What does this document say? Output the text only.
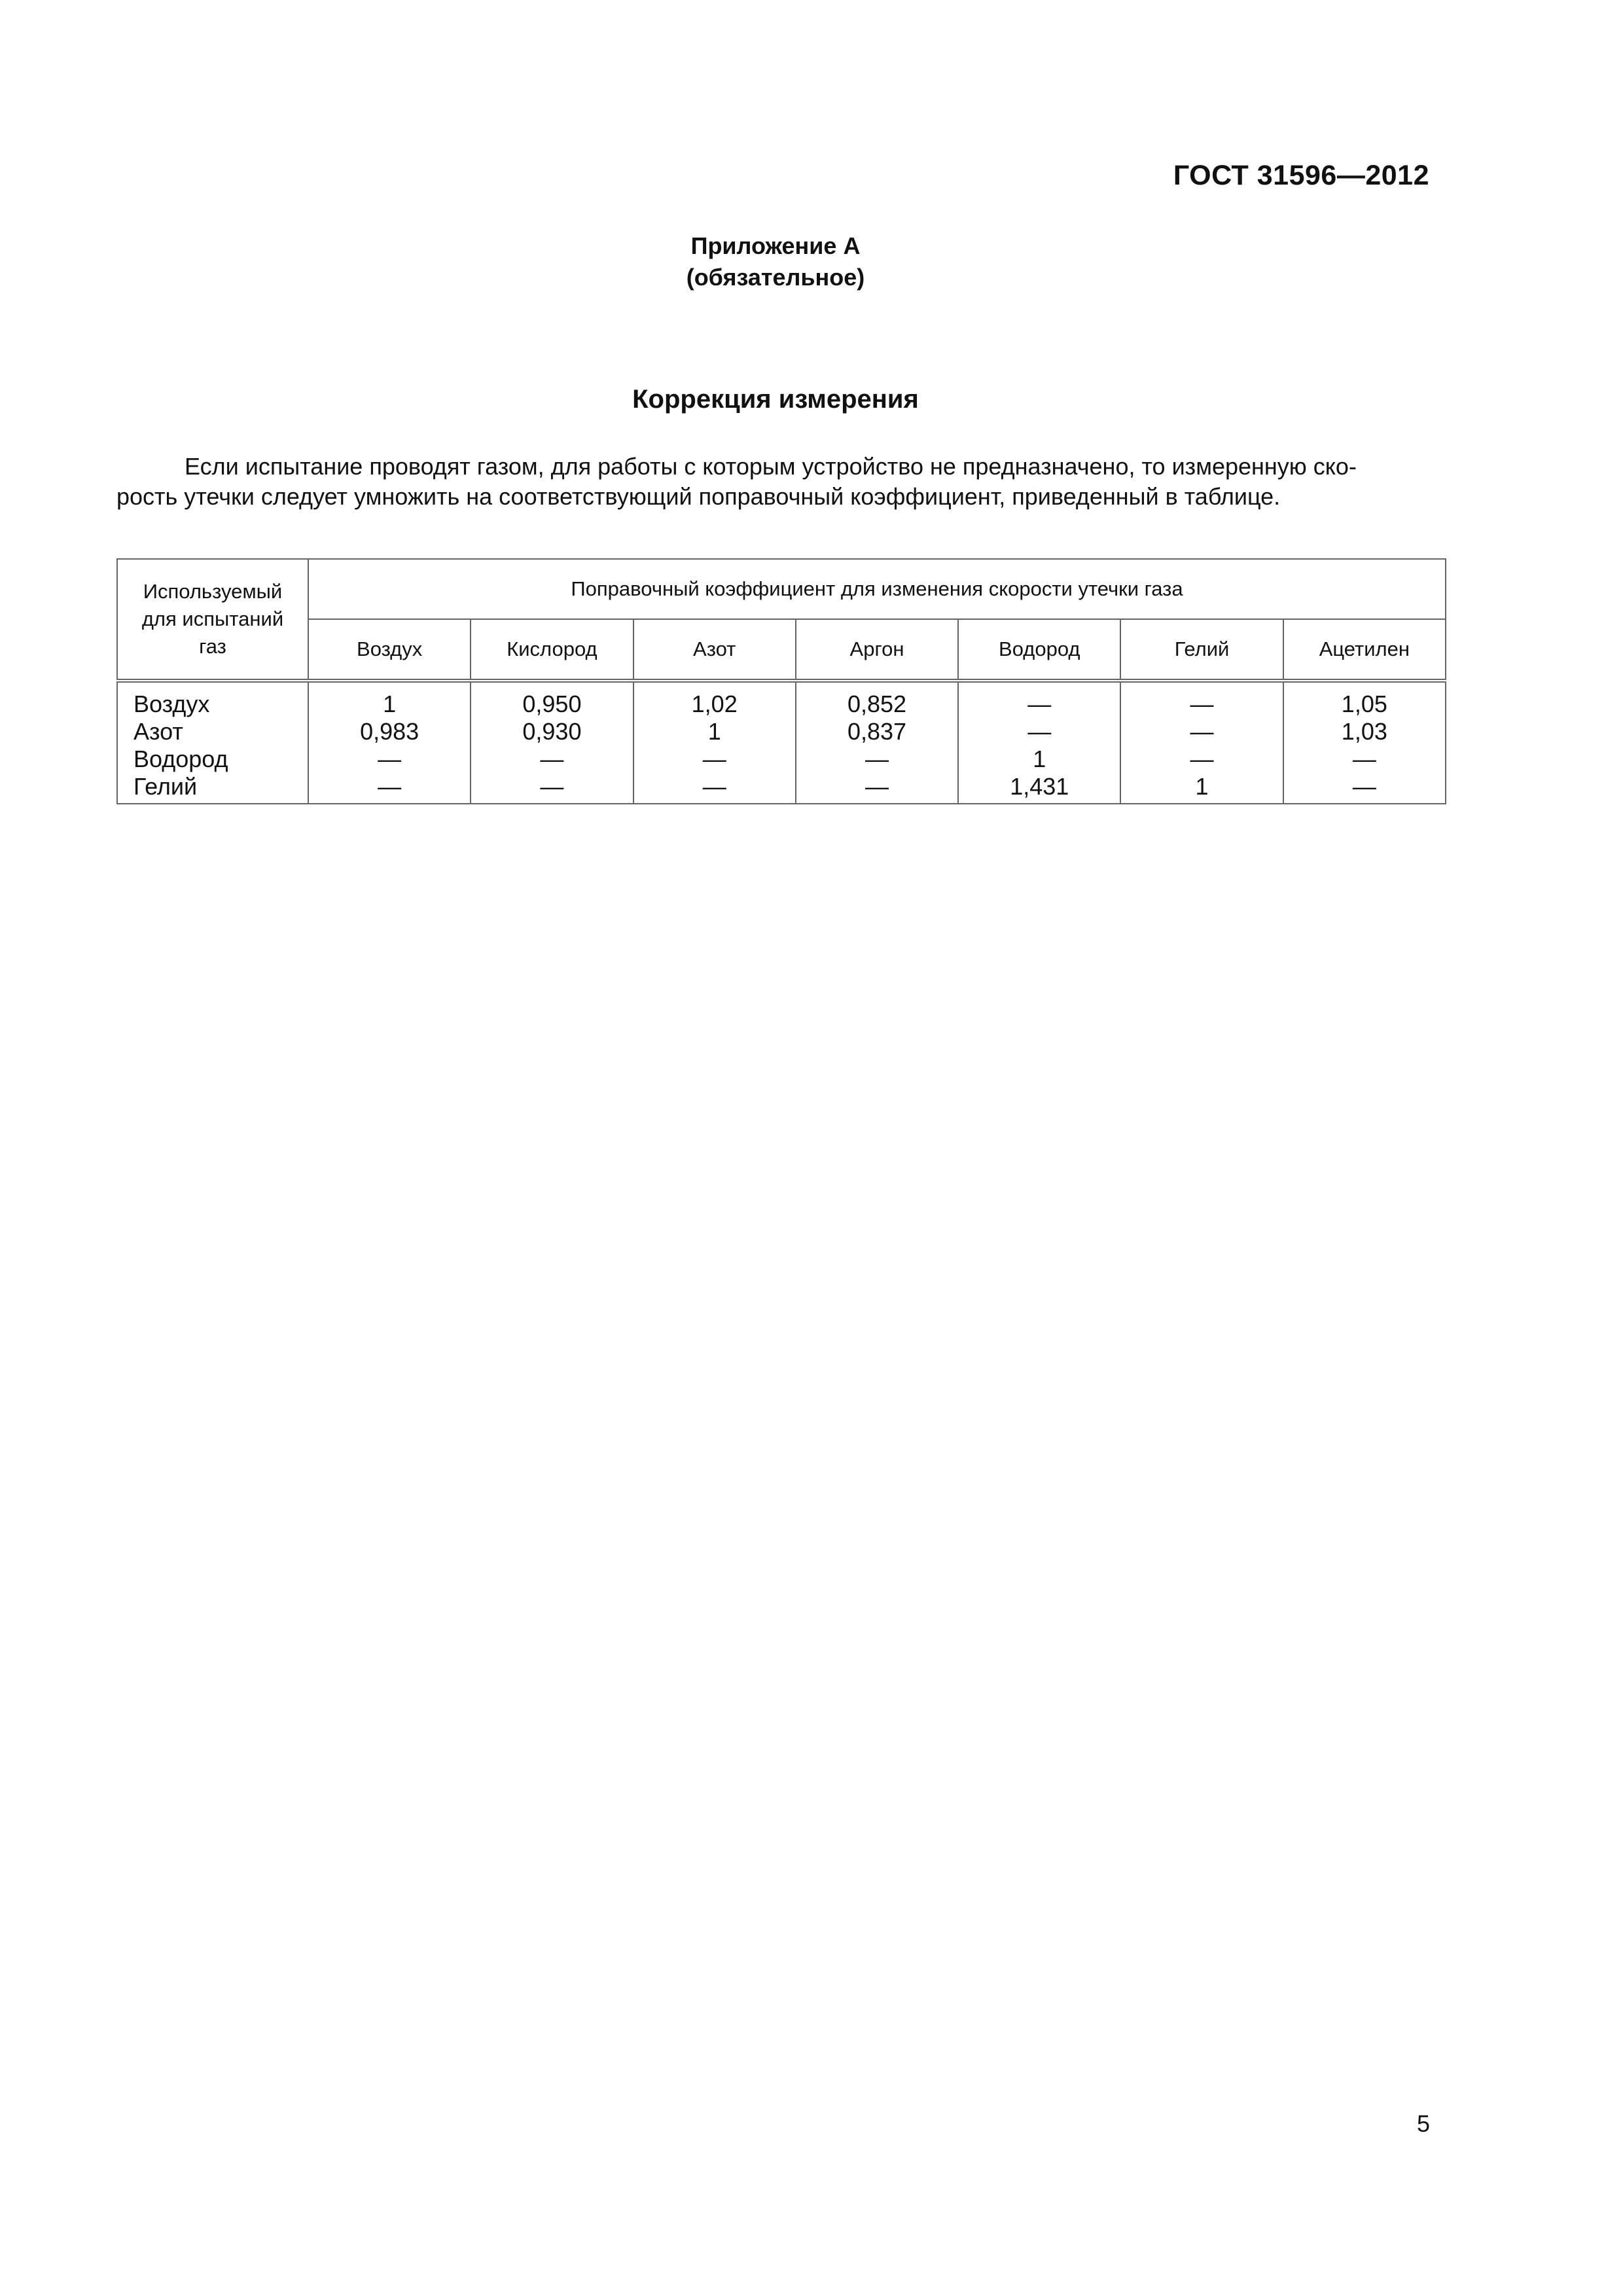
ГОСТ 31596—2012
Приложение А
(обязательное)
Коррекция измерения
Если испытание проводят газом, для работы с которым устройство не предназначено, то измеренную ско-
рость утечки следует умножить на соответствующий поправочный коэффициент, приведенный в таблице.
Используемый
для испытаний
газ	Поправочный коэффициент для изменения скорости утечки газа						
	Воздух	Кислород	Азот	Аргон	Водород	Гелий	Ацетилен
Воздух	1	0,950	1,02	0,852	—	—	1,05
Азот	0,983	0,930	1	0,837	—	—	1,03
Водород	—	—	—	—	1	—	—
Гелий	—	—	—	—	1,431	1	—
5
